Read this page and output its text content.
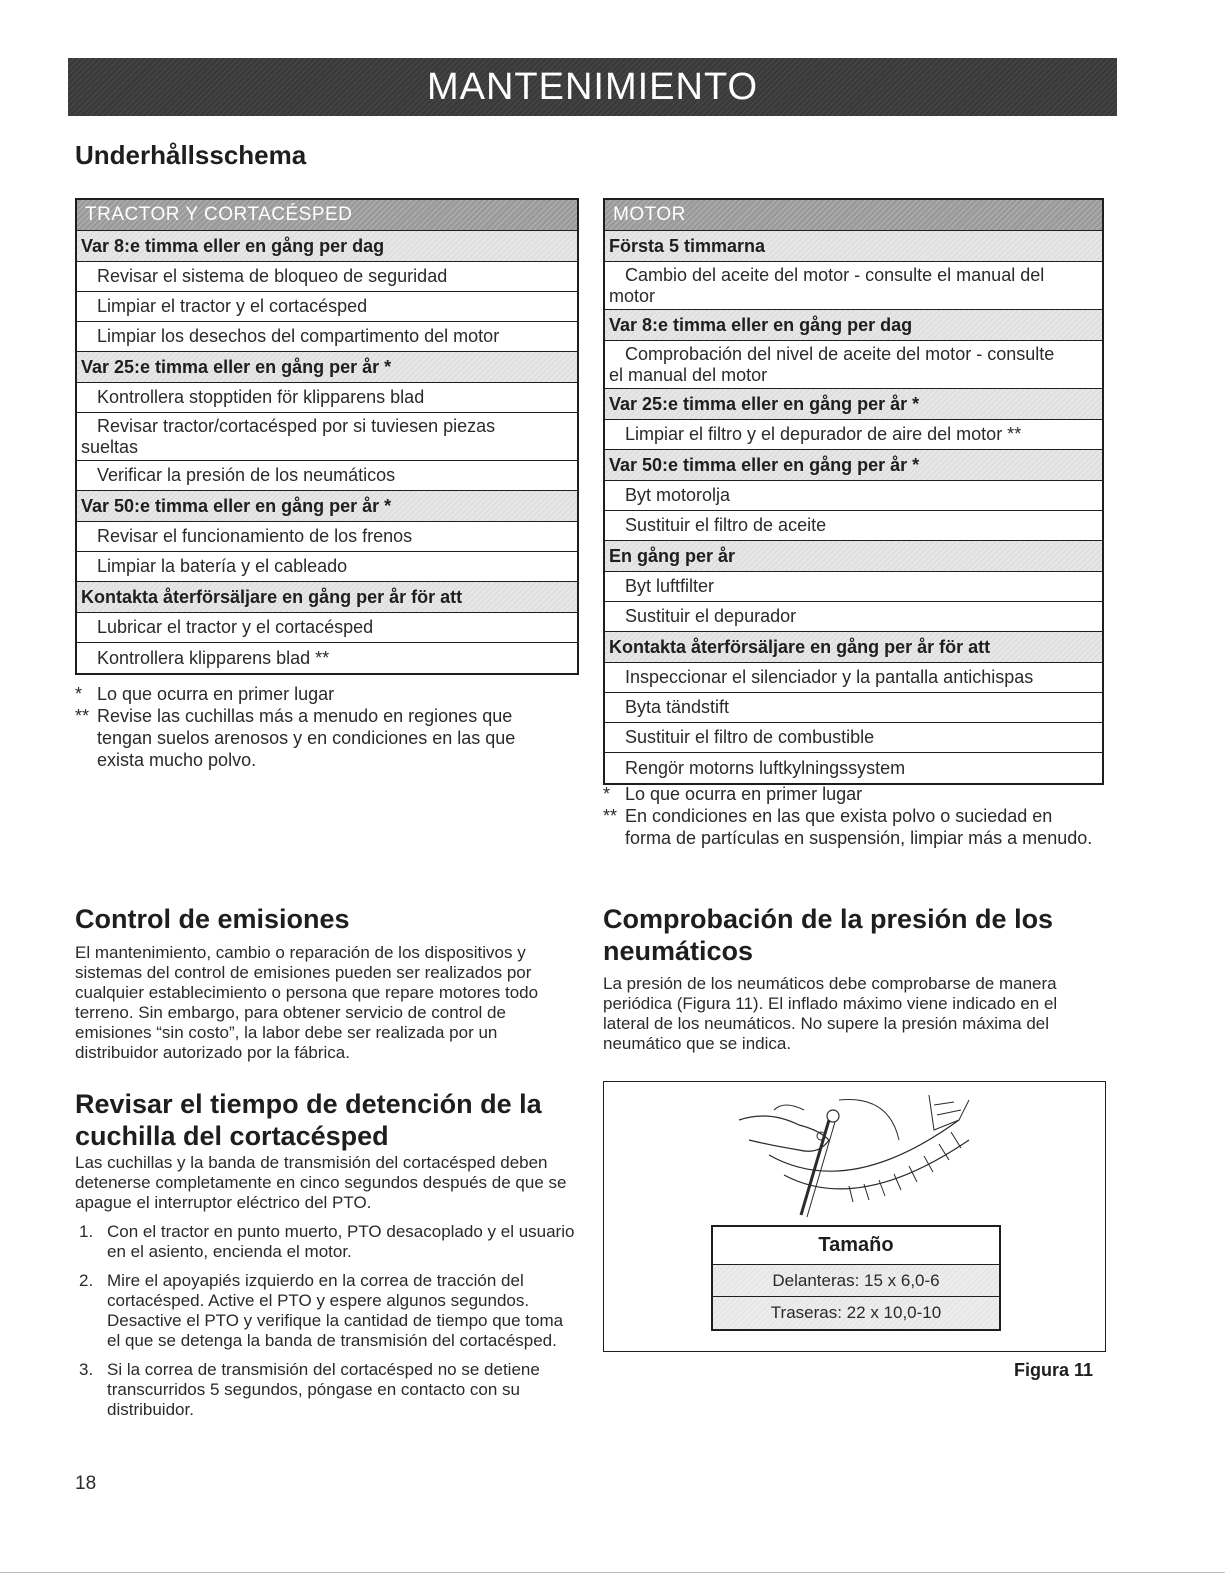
MANTENIMIENTO
Underhållsschema
TRACTOR Y CORTACÉSPED
Var 8:e timma eller en gång per dag
Revisar el sistema de bloqueo de seguridad
Limpiar el tractor y el cortacésped
Limpiar los desechos del compartimento del motor
Var 25:e timma eller en gång per år *
Kontrollera stopptiden för klipparens blad
Revisar tractor/cortacésped por si tuviesen piezas
sueltas
Verificar la presión de los neumáticos
Var 50:e timma eller en gång per år *
Revisar el funcionamiento de los frenos
Limpiar la batería y el cableado
Kontakta återförsäljare en gång per år för att
Lubricar el tractor y el cortacésped
Kontrollera klipparens blad **
* Lo que ocurra en primer lugar
** Revise las cuchillas más a menudo en regiones que tengan suelos arenosos y en condiciones en las que exista mucho polvo.
MOTOR
Första 5 timmarna
Cambio del aceite del motor - consulte el manual del
motor
Var 8:e timma eller en gång per dag
Comprobación del nivel de aceite del motor - consulte
el manual del motor
Var 25:e timma eller en gång per år *
Limpiar el filtro y el depurador de aire del motor **
Var 50:e timma eller en gång per år *
Byt motorolja
Sustituir el filtro de aceite
En gång per år
Byt luftfilter
Sustituir el depurador
Kontakta återförsäljare en gång per år för att
Inspeccionar el silenciador y la pantalla antichispas
Byta tändstift
Sustituir el filtro de combustible
Rengör motorns luftkylningssystem
* Lo que ocurra en primer lugar
** En condiciones en las que exista polvo o suciedad en forma de partículas en suspensión, limpiar más a menudo.
Control de emisiones
El mantenimiento, cambio o reparación de los dispositivos y sistemas del control de emisiones pueden ser realizados por cualquier establecimiento o persona que repare motores todo terreno. Sin embargo, para obtener servicio de control de emisiones “sin costo”, la labor debe ser realizada por un distribuidor autorizado por la fábrica.
Revisar el tiempo de detención de la cuchilla del cortacésped
Las cuchillas y la banda de transmisión del cortacésped deben detenerse completamente en cinco segundos después de que se apague el interruptor eléctrico del PTO.
1. Con el tractor en punto muerto, PTO desacoplado y el usuario en el asiento, encienda el motor.
2. Mire el apoyapiés izquierdo en la correa de tracción del cortacésped. Active el PTO y espere algunos segundos. Desactive el PTO y verifique la cantidad de tiempo que toma el que se detenga la banda de transmisión del cortacésped.
3. Si la correa de transmisión del cortacésped no se detiene transcurridos 5 segundos, póngase en contacto con su distribuidor.
Comprobación de la presión de los neumáticos
La presión de los neumáticos debe comprobarse de manera periódica (Figura 11). El inflado máximo viene indicado en el lateral de los neumáticos. No supere la presión máxima del neumático que se indica.
Tamaño
Delanteras: 15 x 6,0-6
Traseras: 22 x 10,0-10
Figura 11
18
